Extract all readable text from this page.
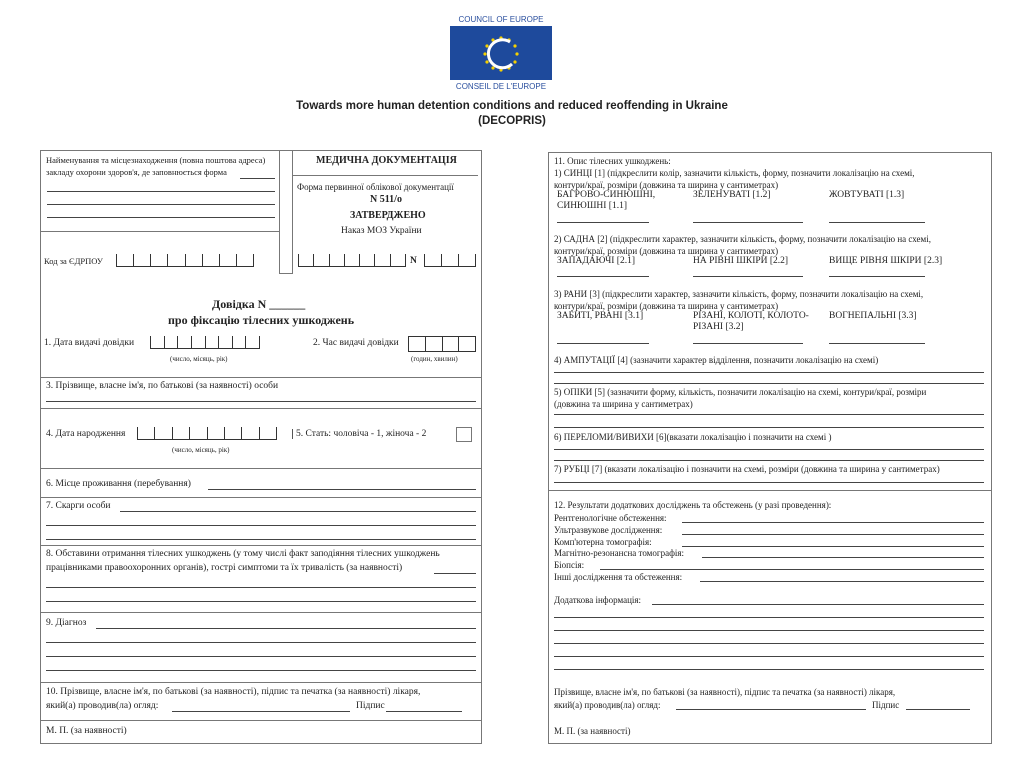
COUNCIL OF EUROPE
CONSEIL DE L'EUROPE
Towards more human detention conditions and reduced reoffending in Ukraine
(DECOPRIS)
Найменування та місцезнаходження (повна поштова адреса)
закладу охорони здоров'я, де заповнюється форма
МЕДИЧНА ДОКУМЕНТАЦІЯ
Форма первинної облікової документації
N 511/о
ЗАТВЕРДЖЕНО
Наказ МОЗ України
Код за ЄДРПОУ	N
Довідка N ______
про фіксацію тілесних ушкоджень
1. Дата видачі довідки
(число, місяць, рік)
2. Час видачі довідки
(годин, хвилин)
3. Прізвище, власне ім'я, по батькові (за наявності) особи
4. Дата народження
(число, місяць, рік)
5. Стать: чоловіча - 1, жіноча - 2
6. Місце проживання (перебування)
7. Скарги особи
8. Обставини отримання тілесних ушкоджень (у тому числі факт заподіяння тілесних ушкоджень
працівниками правоохоронних органів), гострі симптоми та їх тривалість (за наявності)
9. Діагноз
10. Прізвище, власне ім'я, по батькові (за наявності), підпис та печатка (за наявності) лікаря,
який(а) проводив(ла) огляд:	Підпис
М. П. (за наявності)
11. Опис тілесних ушкоджень:
1) СИНЦІ [1] (підкреслити колір, зазначити кількість, форму, позначити локалізацію на схемі,
контури/краї, розміри (довжина та ширина у сантиметрах)
БАГРОВО-СИНЮШНІ,
СИНЮШНІ [1.1]
ЗЕЛЕНУВАТІ [1.2]	ЖОВТУВАТІ [1.3]
2) САДНА [2] (підкреслити характер, зазначити кількість, форму, позначити локалізацію на схемі,
контури/краї, розміри (довжина та ширина у сантиметрах)
ЗАПАДАЮЧІ [2.1]	НА РІВНІ ШКІРИ [2.2]	ВИЩЕ РІВНЯ ШКІРИ [2.3]
3) РАНИ [3] (підкреслити характер, зазначити кількість, форму, позначити локалізацію на схемі,
контури/краї, розміри (довжина та ширина у сантиметрах)
ЗАБИТІ, РВАНІ [3.1]	РІЗАНІ, КОЛОТІ, КОЛОТО-
РІЗАНІ [3.2]
ВОГНЕПАЛЬНІ [3.3]
4) АМПУТАЦІЇ [4] (зазначити характер відділення, позначити локалізацію на схемі)
5) ОПІКИ [5] (зазначити форму, кількість, позначити локалізацію на схемі, контури/краї, розміри
(довжина та ширина у сантиметрах)
6) ПЕРЕЛОМИ/ВИВИХИ [6](вказати локалізацію і позначити на схемі )
7) РУБЦІ [7] (вказати локалізацію і позначити на схемі, розміри (довжина та ширина у сантиметрах)
12. Результати додаткових досліджень та обстежень (у разі проведення):
Рентгенологічне обстеження:
Ультразвукове дослідження:
Комп'ютерна томографія:
Магнітно-резонансна томографія:
Біопсія:
Інші дослідження та обстеження:
Додаткова інформація:
Прізвище, власне ім'я, по батькові (за наявності), підпис та печатка (за наявності) лікаря,
який(а) проводив(ла) огляд:	Підпис
М. П. (за наявності)
